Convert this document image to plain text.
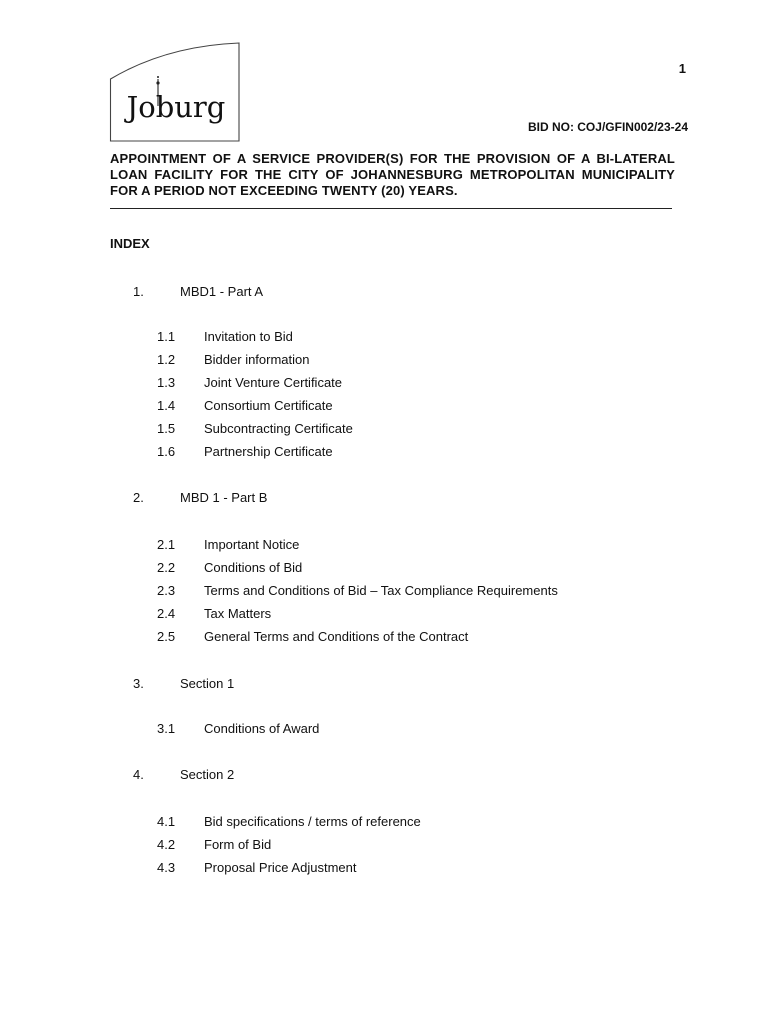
1
Joburg
BID NO: COJ/GFIN002/23-24
APPOINTMENT OF A SERVICE PROVIDER(S) FOR THE PROVISION OF A BI-LATERAL LOAN FACILITY FOR THE CITY OF JOHANNESBURG METROPOLITAN MUNICIPALITY FOR A PERIOD NOT EXCEEDING TWENTY (20) YEARS.
INDEX
1.	MBD1 - Part A
1.1 Invitation to Bid
1.2 Bidder information
1.3 Joint Venture Certificate
1.4 Consortium Certificate
1.5 Subcontracting Certificate
1.6 Partnership Certificate
2.	MBD 1 - Part B
2.1 Important Notice
2.2 Conditions of Bid
2.3 Terms and Conditions of Bid – Tax Compliance Requirements
2.4 Tax Matters
2.5 General Terms and Conditions of the Contract
3.	Section 1
3.1 Conditions of Award
4.	Section 2
4.1 Bid specifications / terms of reference
4.2 Form of Bid
4.3 Proposal Price Adjustment
